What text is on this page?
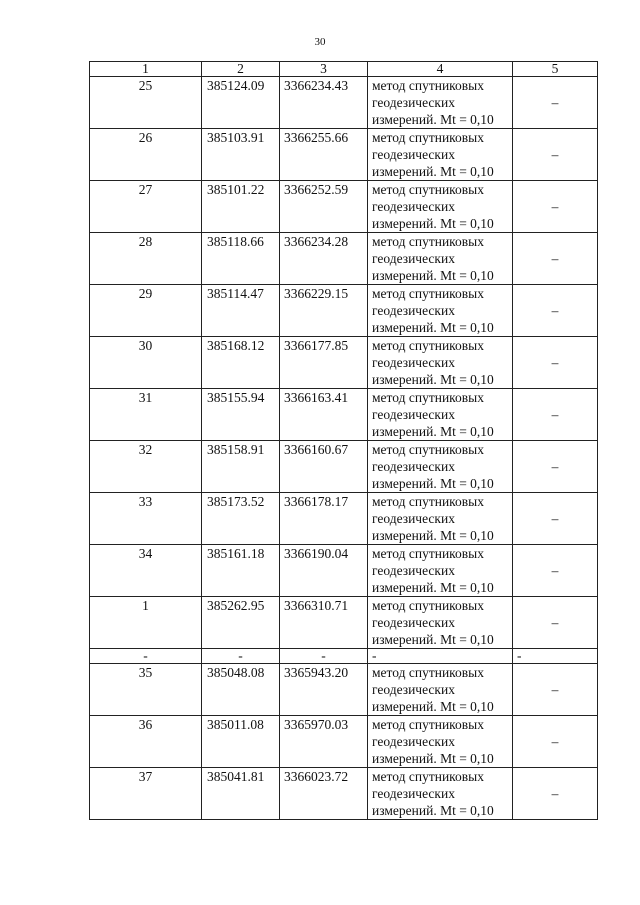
30
1	2	3	4	5
25	385124.09	3366234.43	метод спутниковых
геодезических
измерений. Mt = 0,10	–
26	385103.91	3366255.66	метод спутниковых
геодезических
измерений. Mt = 0,10	–
27	385101.22	3366252.59	метод спутниковых
геодезических
измерений. Mt = 0,10	–
28	385118.66	3366234.28	метод спутниковых
геодезических
измерений. Mt = 0,10	–
29	385114.47	3366229.15	метод спутниковых
геодезических
измерений. Mt = 0,10	–
30	385168.12	3366177.85	метод спутниковых
геодезических
измерений. Mt = 0,10	–
31	385155.94	3366163.41	метод спутниковых
геодезических
измерений. Mt = 0,10	–
32	385158.91	3366160.67	метод спутниковых
геодезических
измерений. Mt = 0,10	–
33	385173.52	3366178.17	метод спутниковых
геодезических
измерений. Mt = 0,10	–
34	385161.18	3366190.04	метод спутниковых
геодезических
измерений. Mt = 0,10	–
1	385262.95	3366310.71	метод спутниковых
геодезических
измерений. Mt = 0,10	–
-	-	-	-	-
35	385048.08	3365943.20	метод спутниковых
геодезических
измерений. Mt = 0,10	–
36	385011.08	3365970.03	метод спутниковых
геодезических
измерений. Mt = 0,10	–
37	385041.81	3366023.72	метод спутниковых
геодезических
измерений. Mt = 0,10	–
